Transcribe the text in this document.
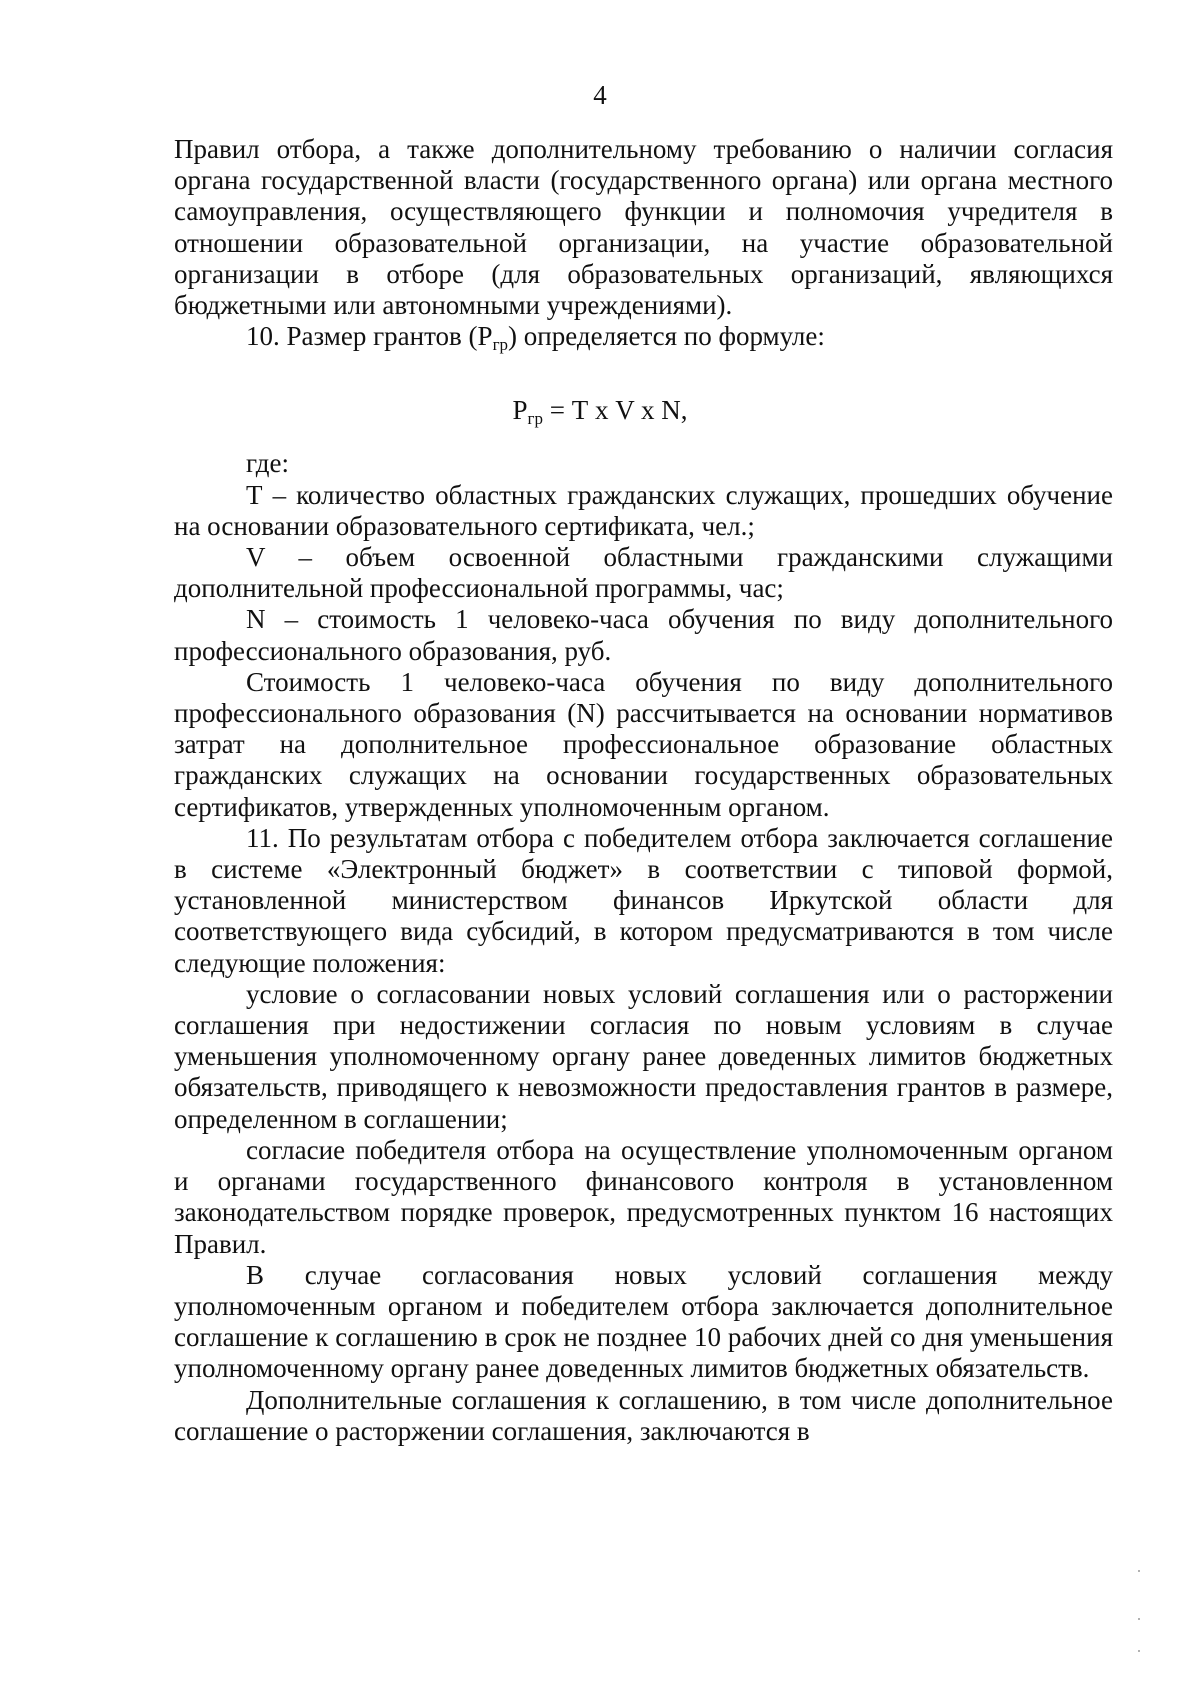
4
$Р_{гр} = Т$ х V х N,

Правил отбора, а также дополнительному требованию о наличии согласия органа государственной власти (государственного органа) или органа местного самоуправления, осуществляющего функции и полномочия учредителя в отношении образовательной организации, на участие образовательной организации в отборе (для образовательных организаций, являющихся бюджетными или автономными учреждениями).

10. Размер грантов (Ргр) определяется по формуле:

где:

Т – количество областных гражданских служащих, прошедших обучение на основании образовательного сертификата, чел.;

V – объем освоенной областными гражданскими служащими дополнительной профессиональной программы, час;

N – стоимость 1 человеко-часа обучения по виду дополнительного профессионального образования, руб.

Стоимость 1 человеко-часа обучения по виду дополнительного профессионального образования (N) рассчитывается на основании нормативов затрат на дополнительное профессиональное образование областных гражданских служащих на основании государственных образовательных сертификатов, утвержденных уполномоченным органом.

11. По результатам отбора с победителем отбора заключается соглашение в системе «Электронный бюджет» в соответствии с типовой формой, установленной министерством финансов Иркутской области для соответствующего вида субсидий, в котором предусматриваются в том числе следующие положения:

условие о согласовании новых условий соглашения или о расторжении соглашения при недостижении согласия по новым условиям в случае уменьшения уполномоченному органу ранее доведенных лимитов бюджетных обязательств, приводящего к невозможности предоставления грантов в размере, определенном в соглашении;

согласие победителя отбора на осуществление уполномоченным органом и органами государственного финансового контроля в установленном законодательством порядке проверок, предусмотренных пунктом 16 настоящих Правил.

В случае согласования новых условий соглашения между уполномоченным органом и победителем отбора заключается дополнительное соглашение к соглашению в срок не позднее 10 рабочих дней со дня уменьшения уполномоченному органу ранее доведенных лимитов бюджетных обязательств.

Дополнительные соглашения к соглашению, в том числе дополнительное соглашение о расторжении соглашения, заключаются в
